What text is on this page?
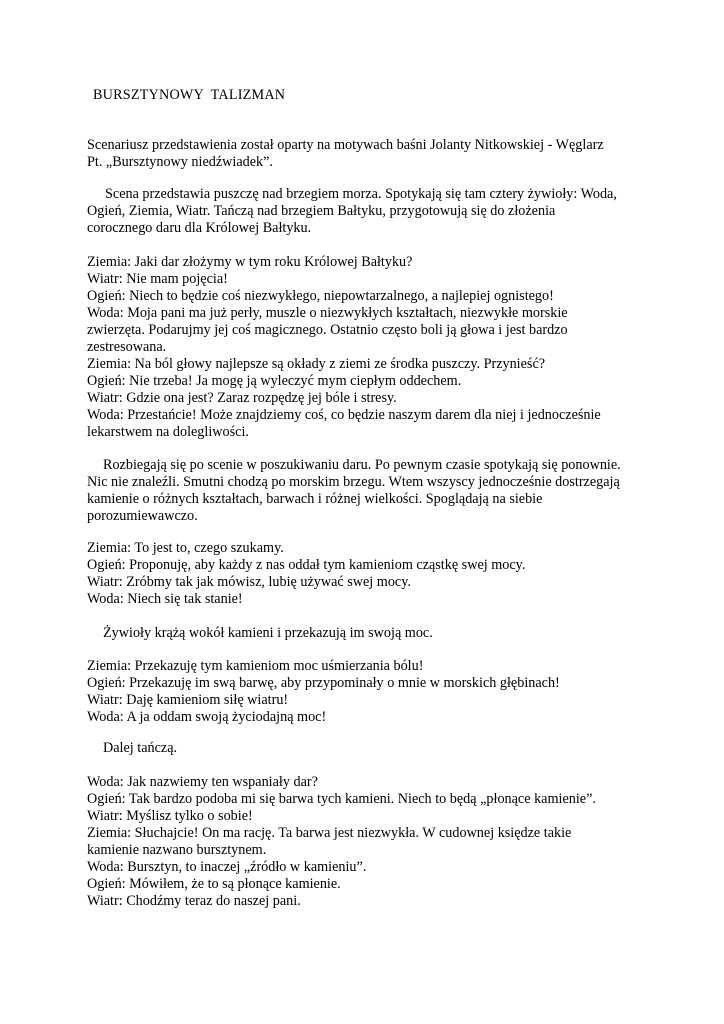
BURSZTYNOWY  TALIZMAN
Scenariusz przedstawienia został oparty na motywach baśni Jolanty Nitkowskiej - Węglarz
Pt. „Bursztynowy niedźwiadek”.
Scena przedstawia puszczę nad brzegiem morza. Spotykają się tam cztery żywioły: Woda,
Ogień, Ziemia, Wiatr. Tańczą nad brzegiem Bałtyku, przygotowują się do złożenia
corocznego daru dla Królowej Bałtyku.
Ziemia: Jaki dar złożymy w tym roku Królowej Bałtyku?
Wiatr: Nie mam pojęcia!
Ogień: Niech to będzie coś niezwykłego, niepowtarzalnego, a najlepiej ognistego!
Woda: Moja pani ma już perły, muszle o niezwykłych kształtach, niezwykłe morskie
zwierzęta. Podarujmy jej coś magicznego. Ostatnio często boli ją głowa i jest bardzo
zestresowana.
Ziemia: Na ból głowy najlepsze są okłady z ziemi ze środka puszczy. Przynieść?
Ogień: Nie trzeba! Ja mogę ją wyleczyć mym ciepłym oddechem.
Wiatr: Gdzie ona jest? Zaraz rozpędzę jej bóle i stresy.
Woda: Przestańcie! Może znajdziemy coś, co będzie naszym darem dla niej i jednocześnie
lekarstwem na dolegliwości.
Rozbiegają się po scenie w poszukiwaniu daru. Po pewnym czasie spotykają się ponownie.
Nic nie znaleźli. Smutni chodzą po morskim brzegu. Wtem wszyscy jednocześnie dostrzegają
kamienie o różnych kształtach, barwach i różnej wielkości. Spoglądają na siebie
porozumiewawczo.
Ziemia: To jest to, czego szukamy.
Ogień: Proponuję, aby każdy z nas oddał tym kamieniom cząstkę swej mocy.
Wiatr: Zróbmy tak jak mówisz, lubię używać swej mocy.
Woda: Niech się tak stanie!
Żywioły krążą wokół kamieni i przekazują im swoją moc.
Ziemia: Przekazuję tym kamieniom moc uśmierzania bólu!
Ogień: Przekazuję im swą barwę, aby przypominały o mnie w morskich głębinach!
Wiatr: Daję kamieniom siłę wiatru!
Woda: A ja oddam swoją życiodajną moc!
Dalej tańczą.
Woda: Jak nazwiemy ten wspaniały dar?
Ogień: Tak bardzo podoba mi się barwa tych kamieni. Niech to będą „płonące kamienie”.
Wiatr: Myślisz tylko o sobie!
Ziemia: Słuchajcie! On ma rację. Ta barwa jest niezwykła. W cudownej księdze takie
kamienie nazwano bursztynem.
Woda: Bursztyn, to inaczej „źródło w kamieniu”.
Ogień: Mówiłem, że to są płonące kamienie.
Wiatr: Chodźmy teraz do naszej pani.
